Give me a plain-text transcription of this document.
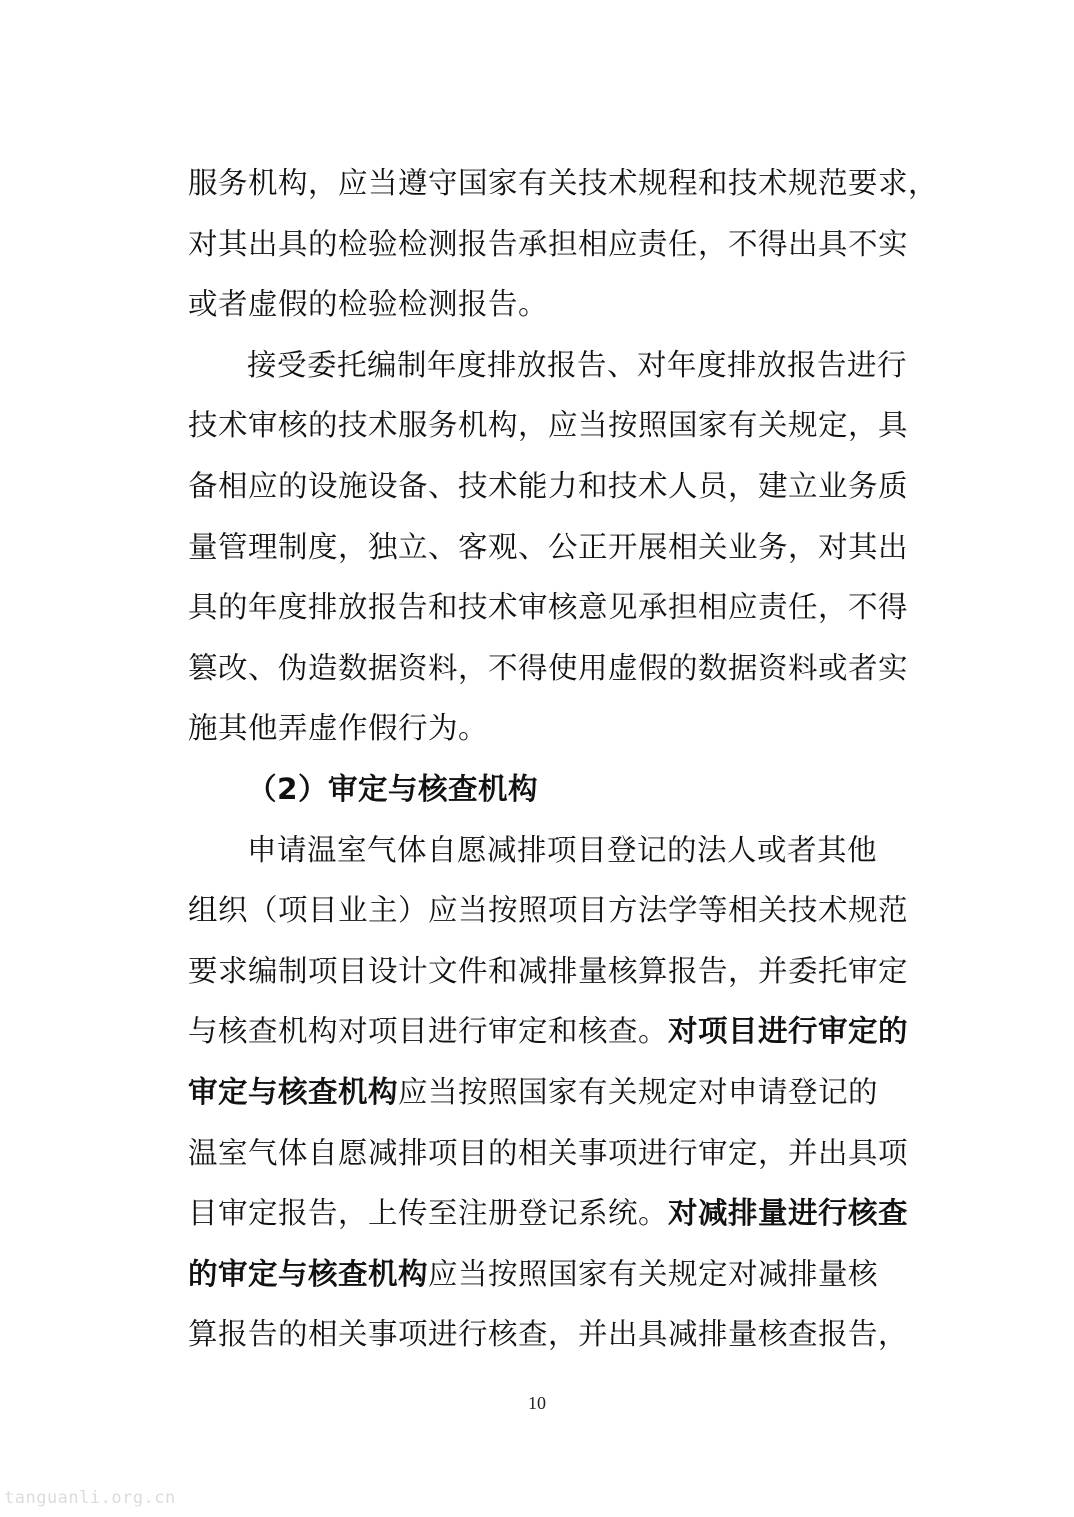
服务机构，应当遵守国家有关技术规程和技术规范要求，
对其出具的检验检测报告承担相应责任，不得出具不实
或者虚假的检验检测报告。
接受委托编制年度排放报告、对年度排放报告进行
技术审核的技术服务机构，应当按照国家有关规定，具
备相应的设施设备、技术能力和技术人员，建立业务质
量管理制度，独立、客观、公正开展相关业务，对其出
具的年度排放报告和技术审核意见承担相应责任，不得
篡改、伪造数据资料，不得使用虚假的数据资料或者实
施其他弄虚作假行为。
（2）审定与核查机构
申请温室气体自愿减排项目登记的法人或者其他
组织（项目业主）应当按照项目方法学等相关技术规范
要求编制项目设计文件和减排量核算报告，并委托审定
与核查机构对项目进行审定和核查。对项目进行审定的
审定与核查机构应当按照国家有关规定对申请登记的
温室气体自愿减排项目的相关事项进行审定，并出具项
目审定报告，上传至注册登记系统。对减排量进行核查
的审定与核查机构应当按照国家有关规定对减排量核
算报告的相关事项进行核查，并出具减排量核查报告，
10
tanguanli.org.cn
